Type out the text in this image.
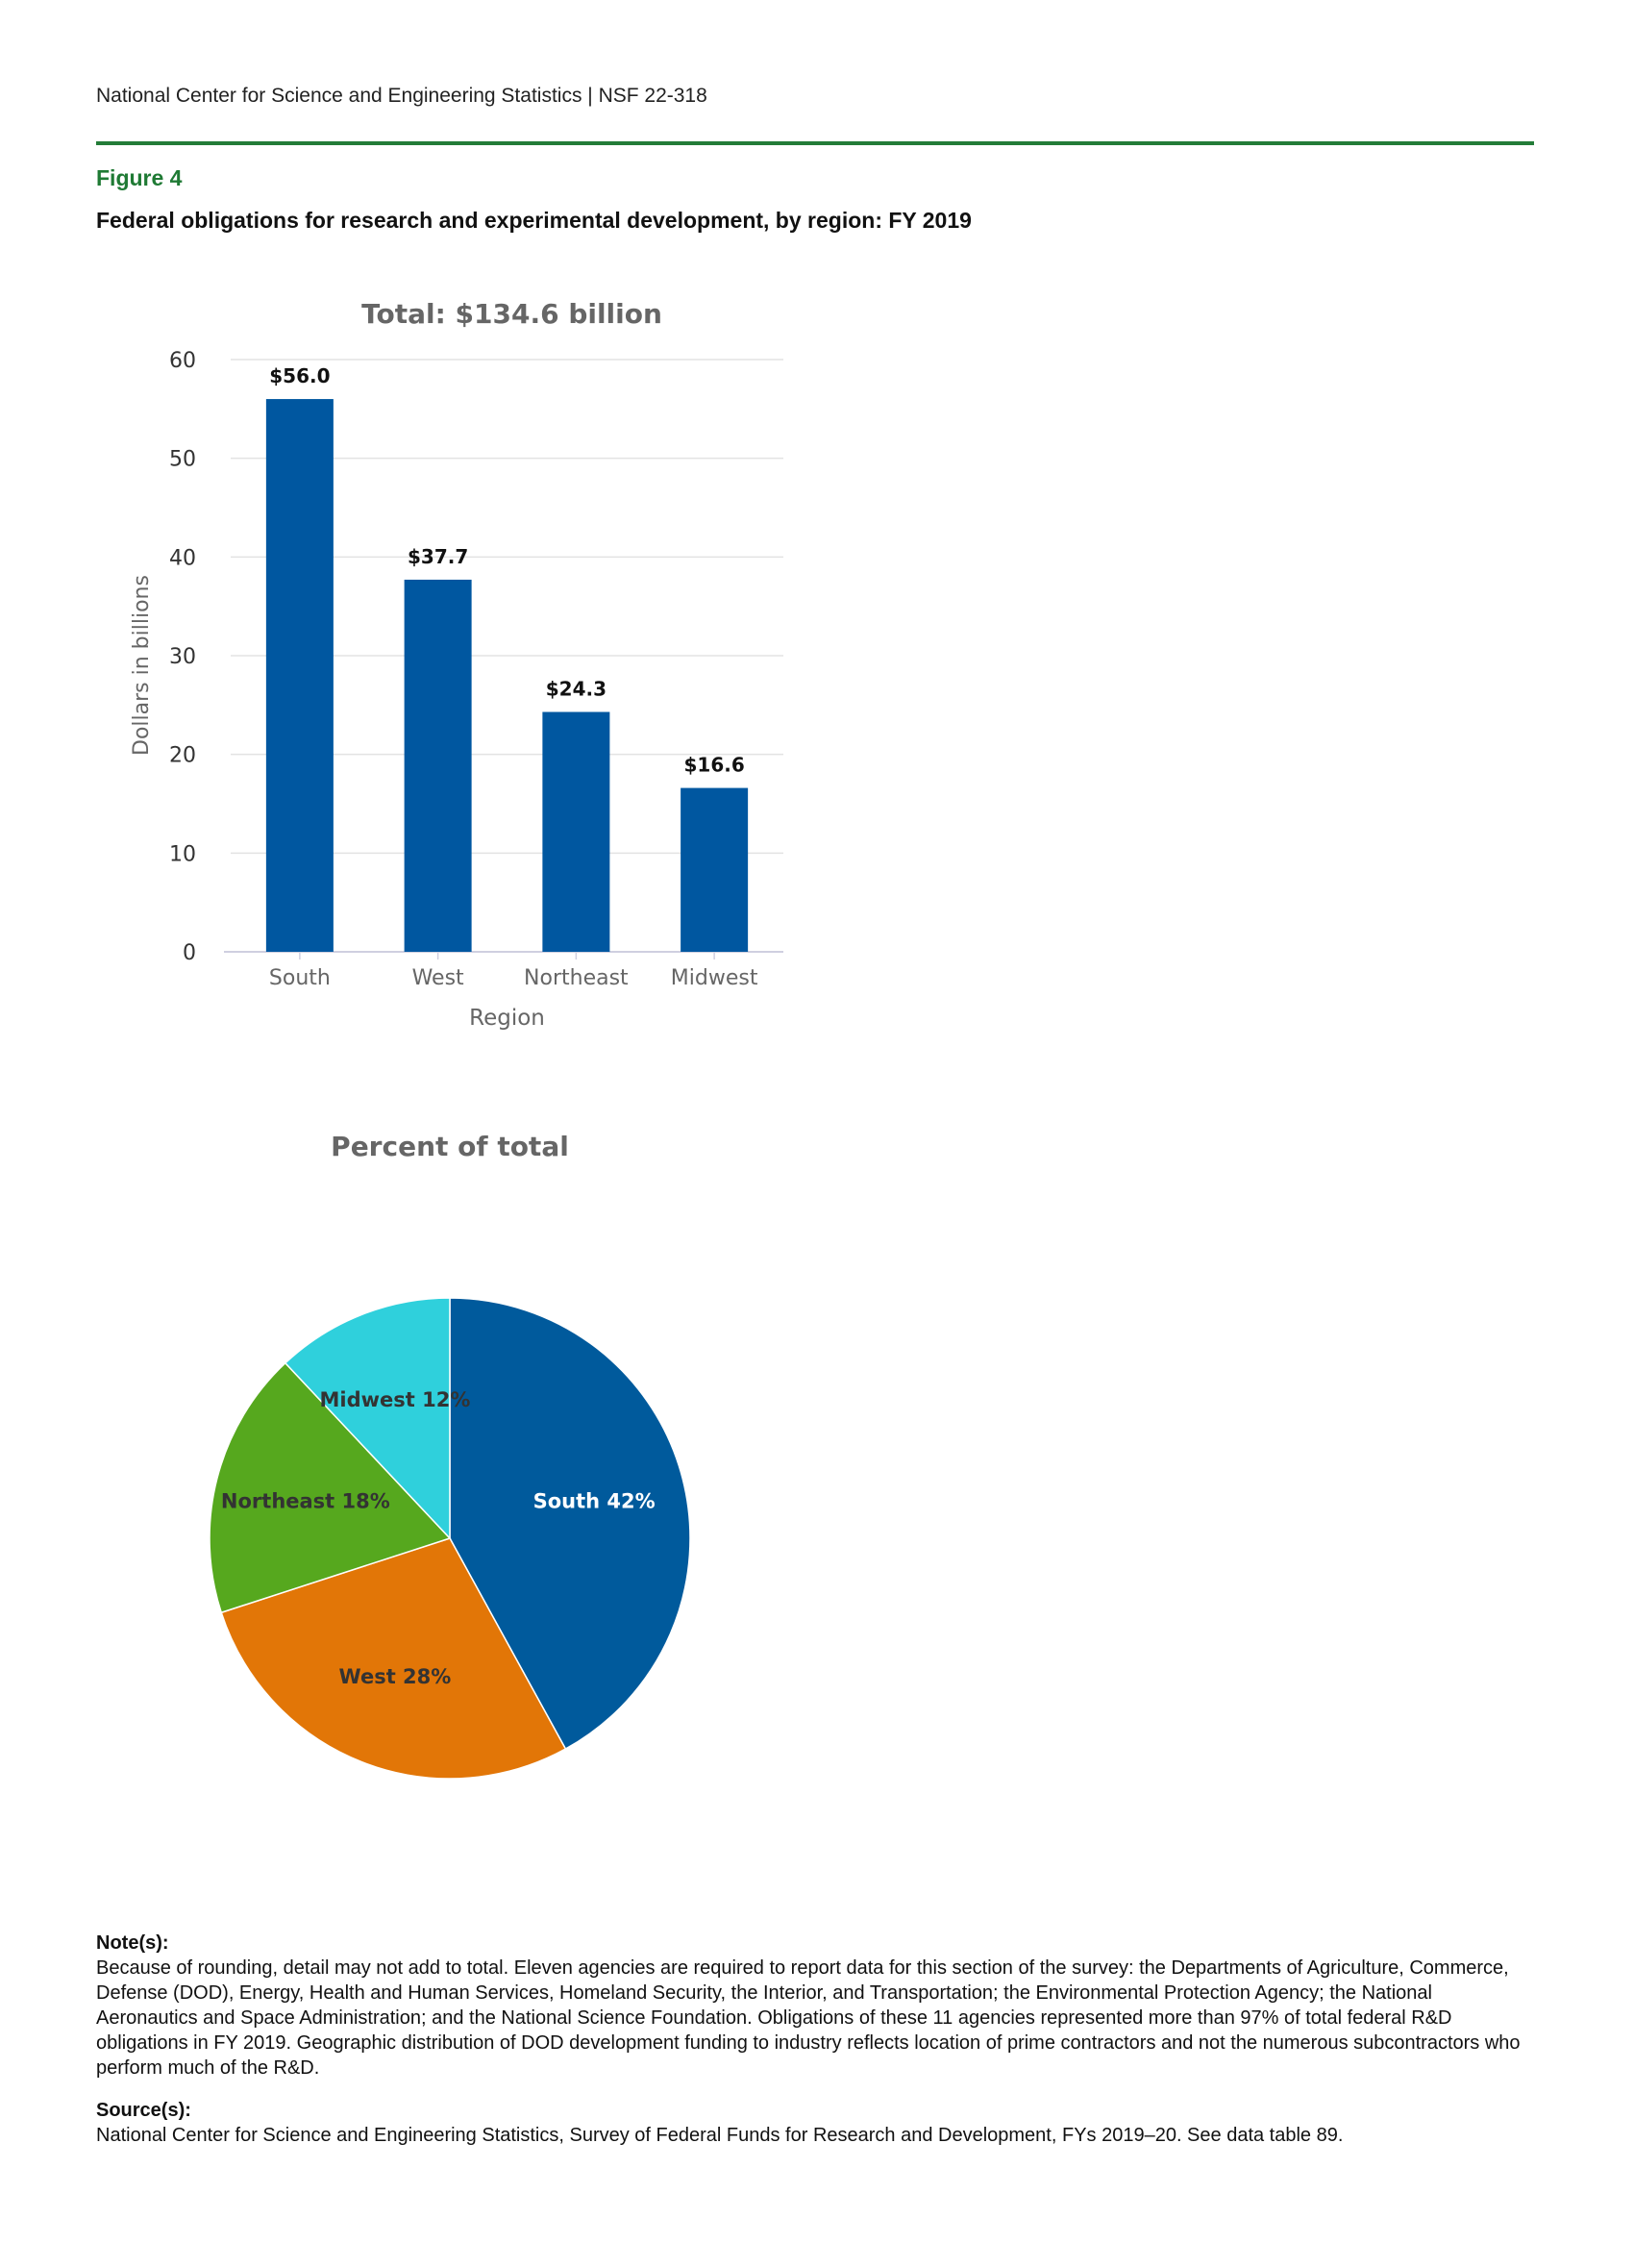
National Center for Science and Engineering Statistics | NSF 22-318
Figure 4
Federal obligations for research and experimental development, by region: FY 2019
Total: $134.6 billion
0
10
20
30
40
50
60
$56.0
South
$37.7
West
$24.3
Northeast
$16.6
Midwest
Region
Dollars in billions
Percent of total
South 42%
West 28%
Northeast 18%
Midwest 12%

Note(s):

Because of rounding, detail may not add to total. Eleven agencies are required to report data for this section of the survey: the Departments of Agriculture, Commerce, Defense (DOD), Energy, Health and Human Services, Homeland Security, the Interior, and Transportation; the Environmental Protection Agency; the National Aeronautics and Space Administration; and the National Science Foundation. Obligations of these 11 agencies represented more than 97% of total federal R&D obligations in FY 2019. Geographic distribution of DOD development funding to industry reflects location of prime contractors and not the numerous subcontractors who perform much of the R&D.

Source(s):

National Center for Science and Engineering Statistics, Survey of Federal Funds for Research and Development, FYs 2019–20. See data table 89.
